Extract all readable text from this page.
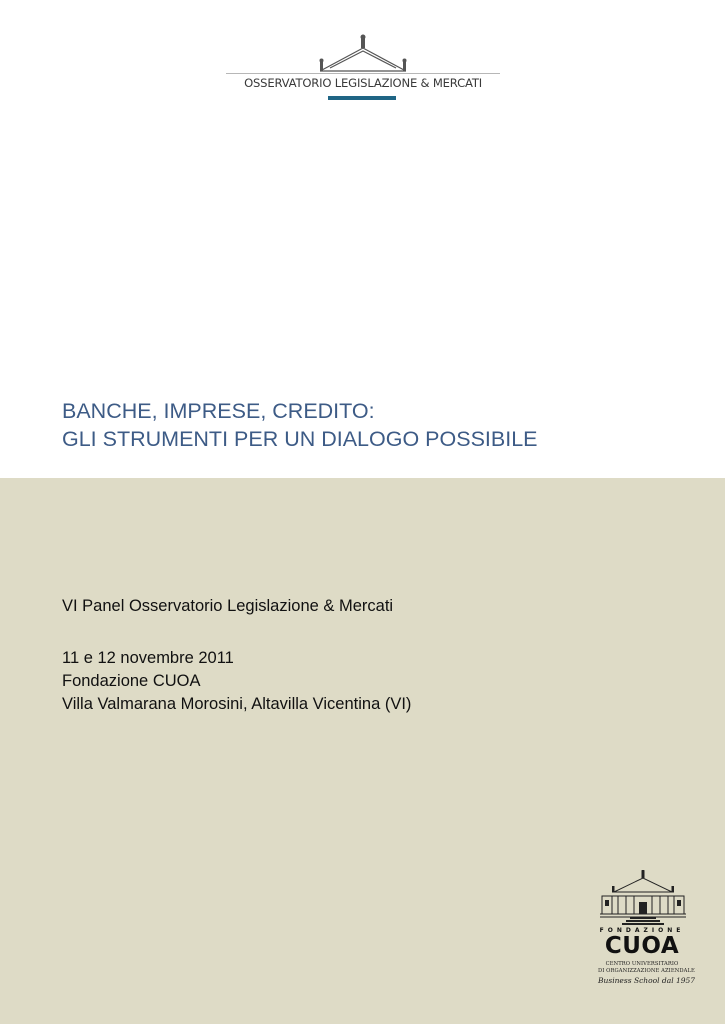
OSSERVATORIO LEGISLAZIONE & MERCATI
BANCHE, IMPRESE, CREDITO:
GLI STRUMENTI PER UN DIALOGO POSSIBILE
VI Panel Osservatorio Legislazione & Mercati
11 e 12 novembre 2011
Fondazione CUOA
Villa Valmarana Morosini, Altavilla Vicentina (VI)
FONDAZIONE
CUOA
CENTRO UNIVERSITARIO
DI ORGANIZZAZIONE AZIENDALE
Business School dal 1957
